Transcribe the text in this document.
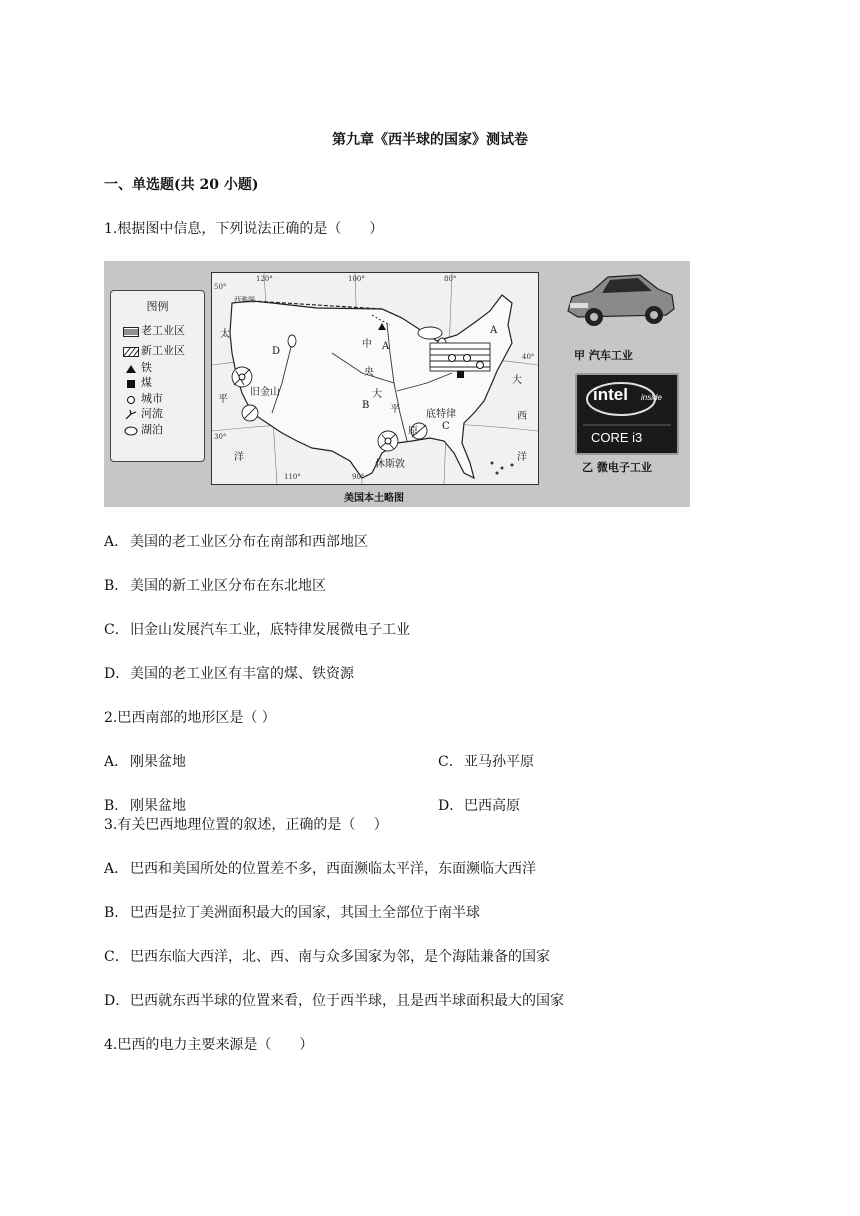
第九章《西半球的国家》测试卷
一、单选题(共 20 小题)
1.根据图中信息，下列说法正确的是（　　）
图例
老工业区
新工业区
铁
煤
城市
河流
湖泊
太
平
洋
大
西
洋
中
央
大
平
原
旧金山
休斯敦
底特律
A
A
B
C
D
西雅图
120°	100°	80°
40°
30°
110°	90°
50°
美国本土略图
甲 汽车工业
intel inside
CORE i3
乙 微电子工业
A． 美国的老工业区分布在南部和西部地区
B． 美国的新工业区分布在东北地区
C．旧金山发展汽车工业，底特律发展微电子工业
D．美国的老工业区有丰富的煤、铁资源
2.巴西南部的地形区是（ ）
A． 刚果盆地	C．亚马孙平原
B． 刚果盆地	D．巴西高原
3.有关巴西地理位置的叙述，正确的是（　 ）
A． 巴西和美国所处的位置差不多，西面濒临太平洋，东面濒临大西洋
B． 巴西是拉丁美洲面积最大的国家，其国土全部位于南半球
C．巴西东临大西洋，北、西、南与众多国家为邻，是个海陆兼备的国家
D．巴西就东西半球的位置来看，位于西半球，且是西半球面积最大的国家
4.巴西的电力主要来源是（　　）
